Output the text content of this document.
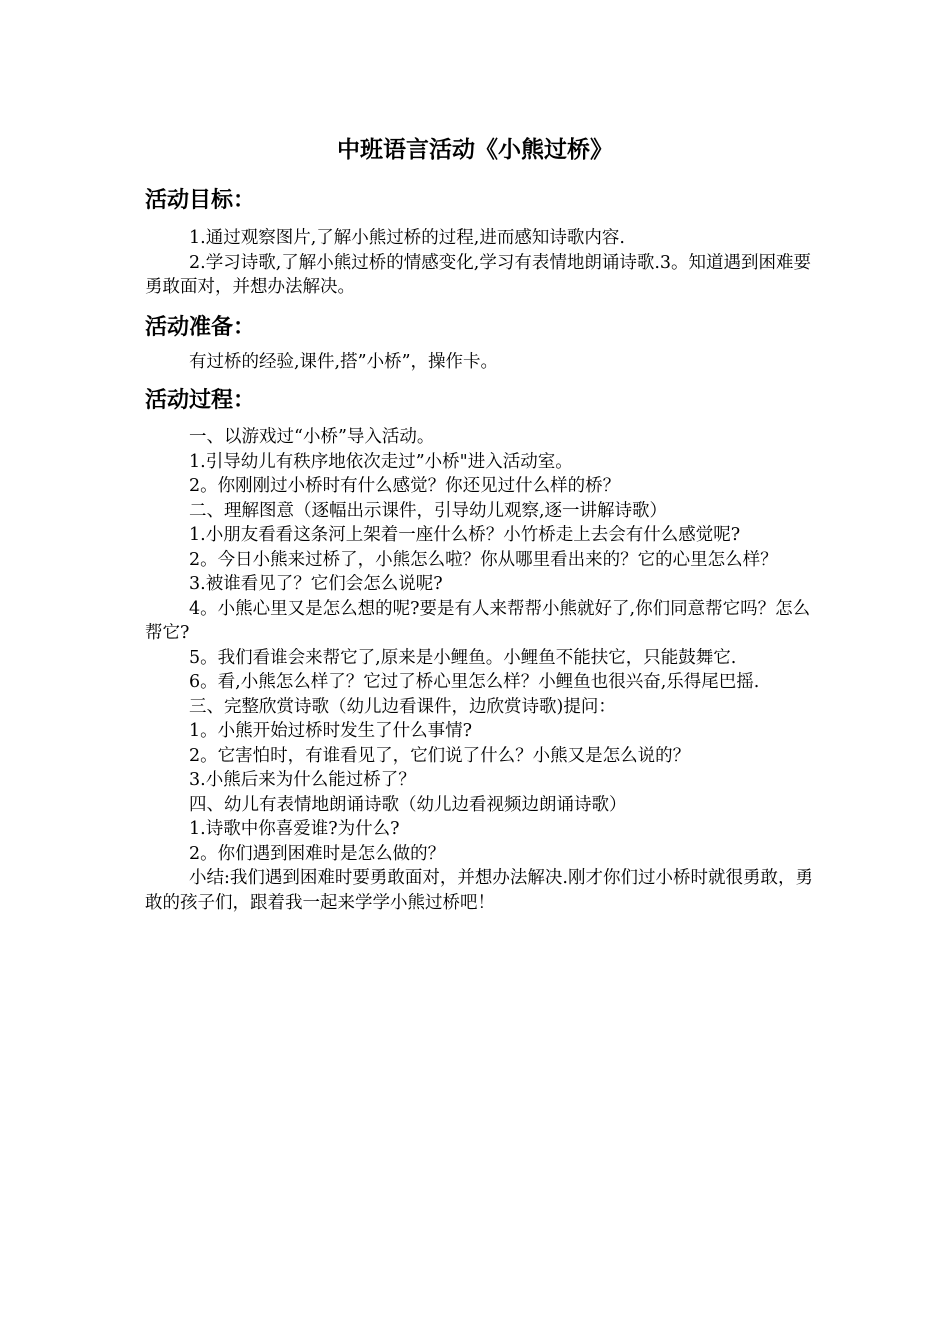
中班语言活动《小熊过桥》
活动目标：

1.通过观察图片,了解小熊过桥的过程,进而感知诗歌内容.

2.学习诗歌,了解小熊过桥的情感变化,学习有表情地朗诵诗歌.3。知道遇到困难要勇敢面对，并想办法解决。

活动准备：

有过桥的经验,课件,搭”小桥”，操作卡。

活动过程：

一、以游戏过“小桥”导入活动。

1.引导幼儿有秩序地依次走过”小桥"进入活动室。

2。你刚刚过小桥时有什么感觉？你还见过什么样的桥？

二、理解图意（逐幅出示课件，引导幼儿观察,逐一讲解诗歌）

1.小朋友看看这条河上架着一座什么桥？小竹桥走上去会有什么感觉呢?

2。今日小熊来过桥了，小熊怎么啦？你从哪里看出来的？它的心里怎么样？

3.被谁看见了？它们会怎么说呢?

4。小熊心里又是怎么想的呢?要是有人来帮帮小熊就好了,你们同意帮它吗？怎么帮它?

5。我们看谁会来帮它了,原来是小鲤鱼。小鲤鱼不能扶它，只能鼓舞它.

6。看,小熊怎么样了？它过了桥心里怎么样？小鲤鱼也很兴奋,乐得尾巴摇.

三、完整欣赏诗歌（幼儿边看课件，边欣赏诗歌)提问：

1。小熊开始过桥时发生了什么事情?

2。它害怕时，有谁看见了，它们说了什么？小熊又是怎么说的？

3.小熊后来为什么能过桥了？

四、幼儿有表情地朗诵诗歌（幼儿边看视频边朗诵诗歌）

1.诗歌中你喜爱谁?为什么?

2。你们遇到困难时是怎么做的？

小结:我们遇到困难时要勇敢面对，并想办法解决.刚才你们过小桥时就很勇敢，勇敢的孩子们，跟着我一起来学学小熊过桥吧！
